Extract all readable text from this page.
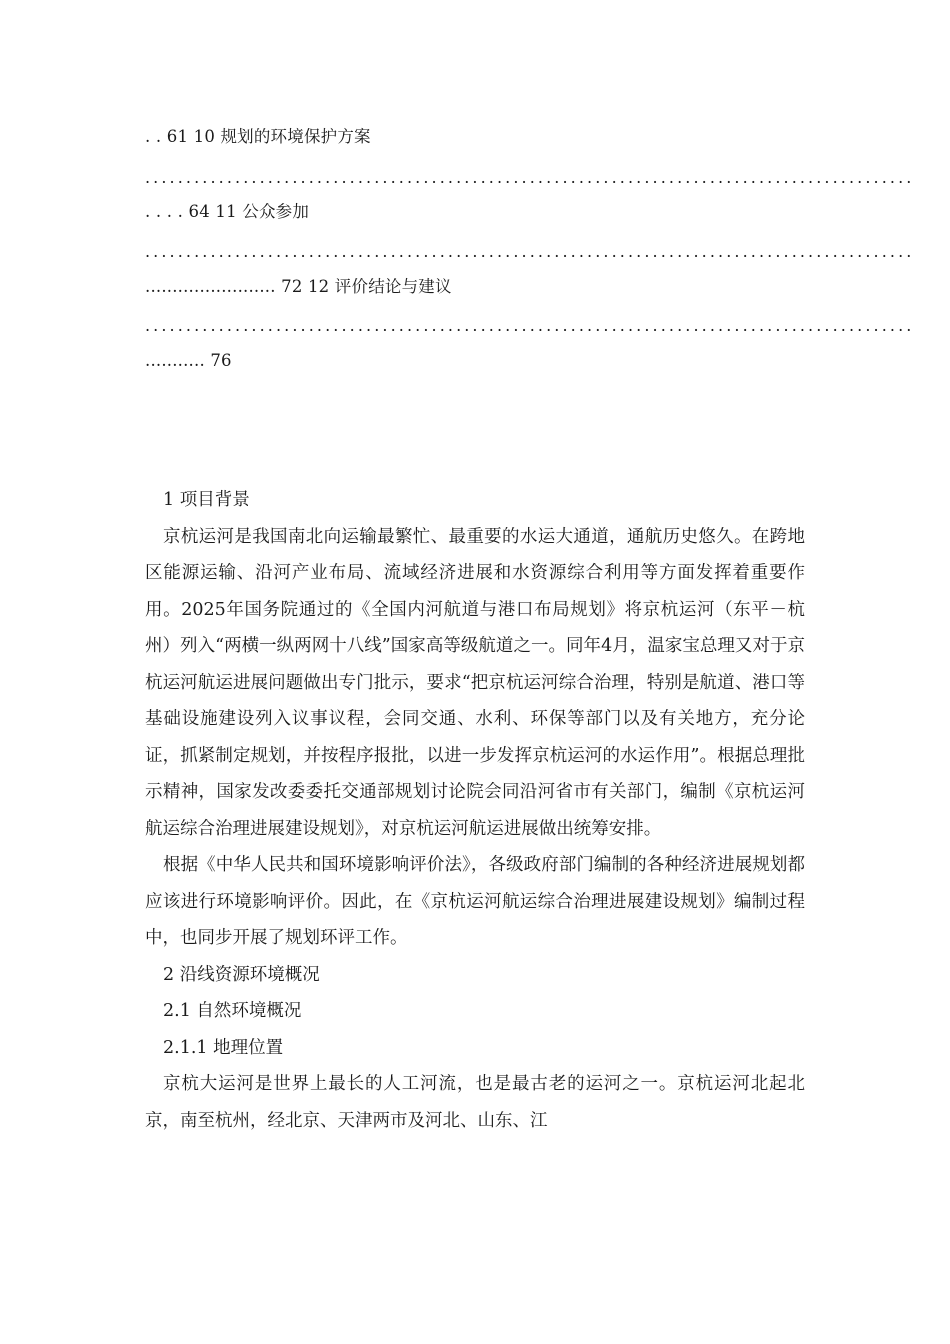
. . 61 10 规划的环境保护方案
..............................................................................................
. . . . 64 11 公众参加
..............................................................................................
........................ 72 12 评价结论与建议
..............................................................................................
........... 76

1 项目背景

京杭运河是我国南北向运输最繁忙、最重要的水运大通道，通航历史悠久。在跨地区能源运输、沿河产业布局、流域经济进展和水资源综合利用等方面发挥着重要作用。2025年国务院通过的《全国内河航道与港口布局规划》将京杭运河（东平－杭州）列入“两横一纵两网十八线”国家高等级航道之一。同年4月，温家宝总理又对于京杭运河航运进展问题做出专门批示，要求“把京杭运河综合治理，特别是航道、港口等基础设施建设列入议事议程，会同交通、水利、环保等部门以及有关地方，充分论证，抓紧制定规划，并按程序报批，以进一步发挥京杭运河的水运作用”。根据总理批示精神，国家发改委委托交通部规划讨论院会同沿河省市有关部门，编制《京杭运河航运综合治理进展建设规划》，对京杭运河航运进展做出统筹安排。

根据《中华人民共和国环境影响评价法》，各级政府部门编制的各种经济进展规划都应该进行环境影响评价。因此，在《京杭运河航运综合治理进展建设规划》编制过程中，也同步开展了规划环评工作。

2 沿线资源环境概况

2.1 自然环境概况

2.1.1 地理位置

京杭大运河是世界上最长的人工河流，也是最古老的运河之一。京杭运河北起北京，南至杭州，经北京、天津两市及河北、山东、江
